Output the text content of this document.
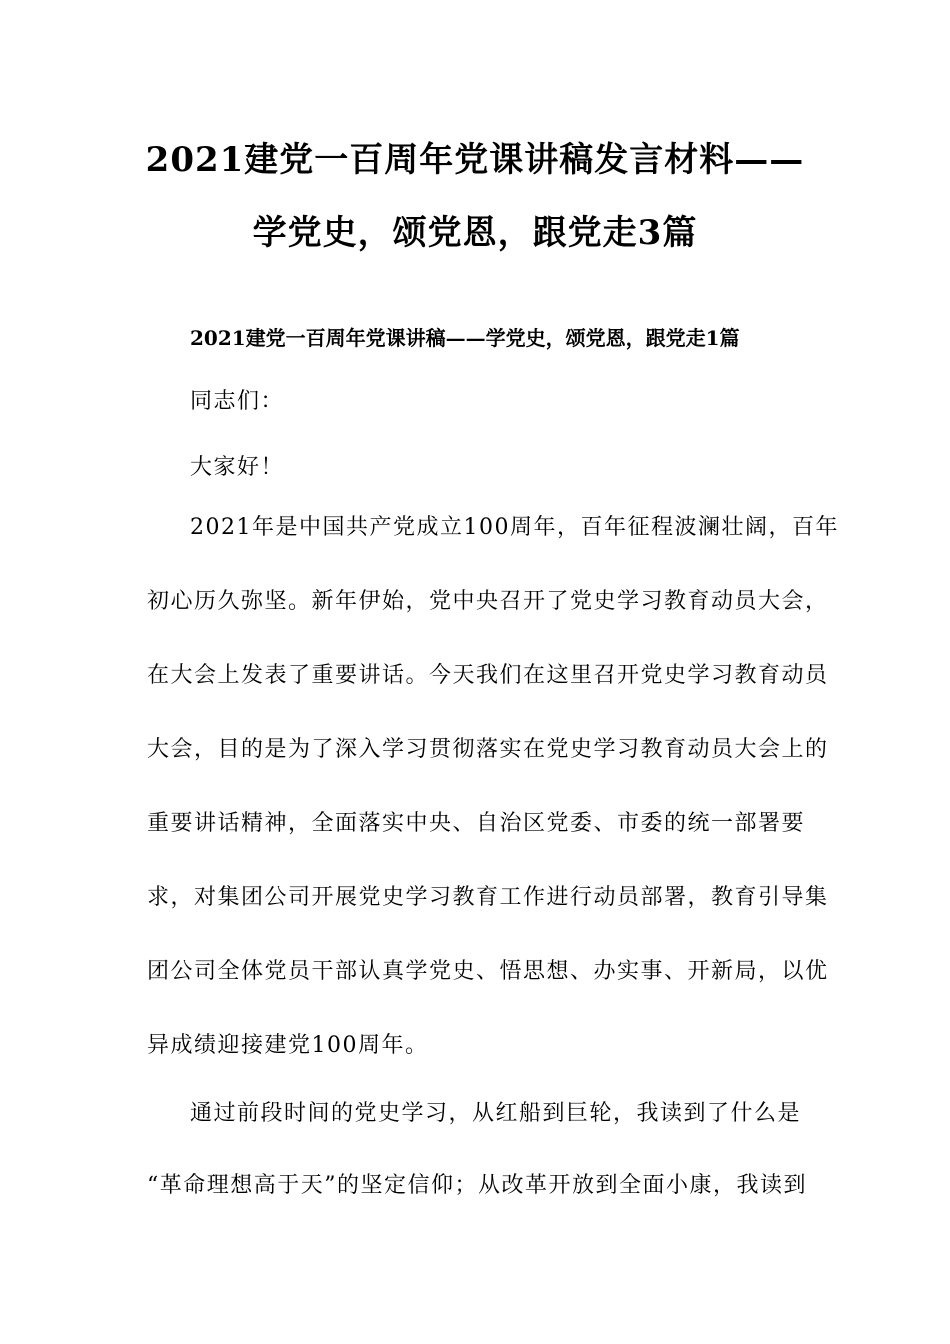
2021建党一百周年党课讲稿发言材料——
学党史，颂党恩，跟党走3篇
2021建党一百周年党课讲稿——学党史，颂党恩，跟党走1篇
同志们：
大家好！
2021年是中国共产党成立100周年，百年征程波澜壮阔，百年
初心历久弥坚。新年伊始，党中央召开了党史学习教育动员大会，
在大会上发表了重要讲话。今天我们在这里召开党史学习教育动员
大会，目的是为了深入学习贯彻落实在党史学习教育动员大会上的
重要讲话精神，全面落实中央、自治区党委、市委的统一部署要
求，对集团公司开展党史学习教育工作进行动员部署，教育引导集
团公司全体党员干部认真学党史、悟思想、办实事、开新局，以优
异成绩迎接建党100周年。
通过前段时间的党史学习，从红船到巨轮，我读到了什么是
“革命理想高于天”的坚定信仰；从改革开放到全面小康，我读到
